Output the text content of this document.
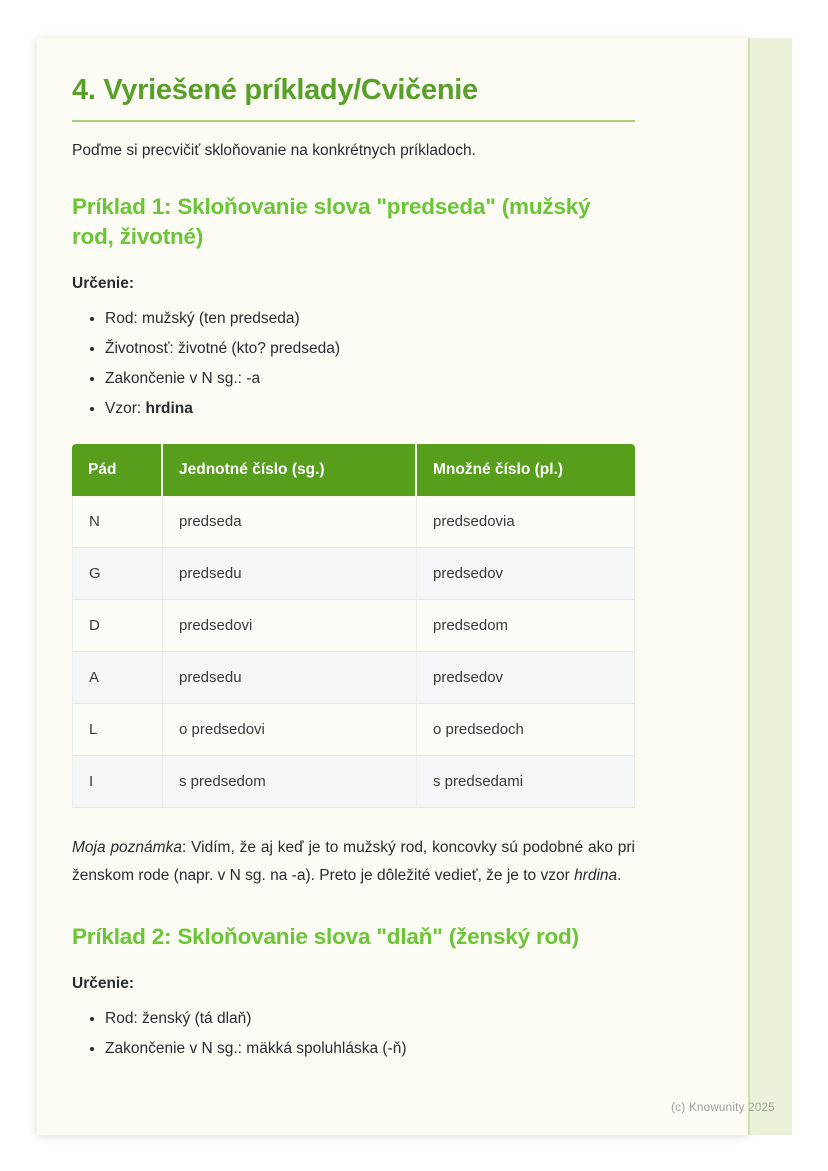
4. Vyriešené príklady/Cvičenie

Poďme si precvičiť skloňovanie na konkrétnych príkladoch.

Príklad 1: Skloňovanie slova "predseda" (mužský rod, životné)

Určenie:

• Rod: mužský (ten predseda)
• Životnosť: životné (kto? predseda)
• Zakončenie v N sg.: -a
• Vzor: hrdina
Pád	Jednotné číslo (sg.)	Množné číslo (pl.)
N	predseda	predsedovia
G	predsedu	predsedov
D	predsedovi	predsedom
A	predsedu	predsedov
L	o predsedovi	o predsedoch
I	s predsedom	s predsedami

Moja poznámka: Vidím, že aj keď je to mužský rod, koncovky sú podobné ako pri ženskom rode (napr. v N sg. na -a). Preto je dôležité vedieť, že je to vzor hrdina.

Príklad 2: Skloňovanie slova "dlaň" (ženský rod)

Určenie:

• Rod: ženský (tá dlaň)
• Zakončenie v N sg.: mäkká spoluhláska (-ň)
(c) Knowunity 2025
